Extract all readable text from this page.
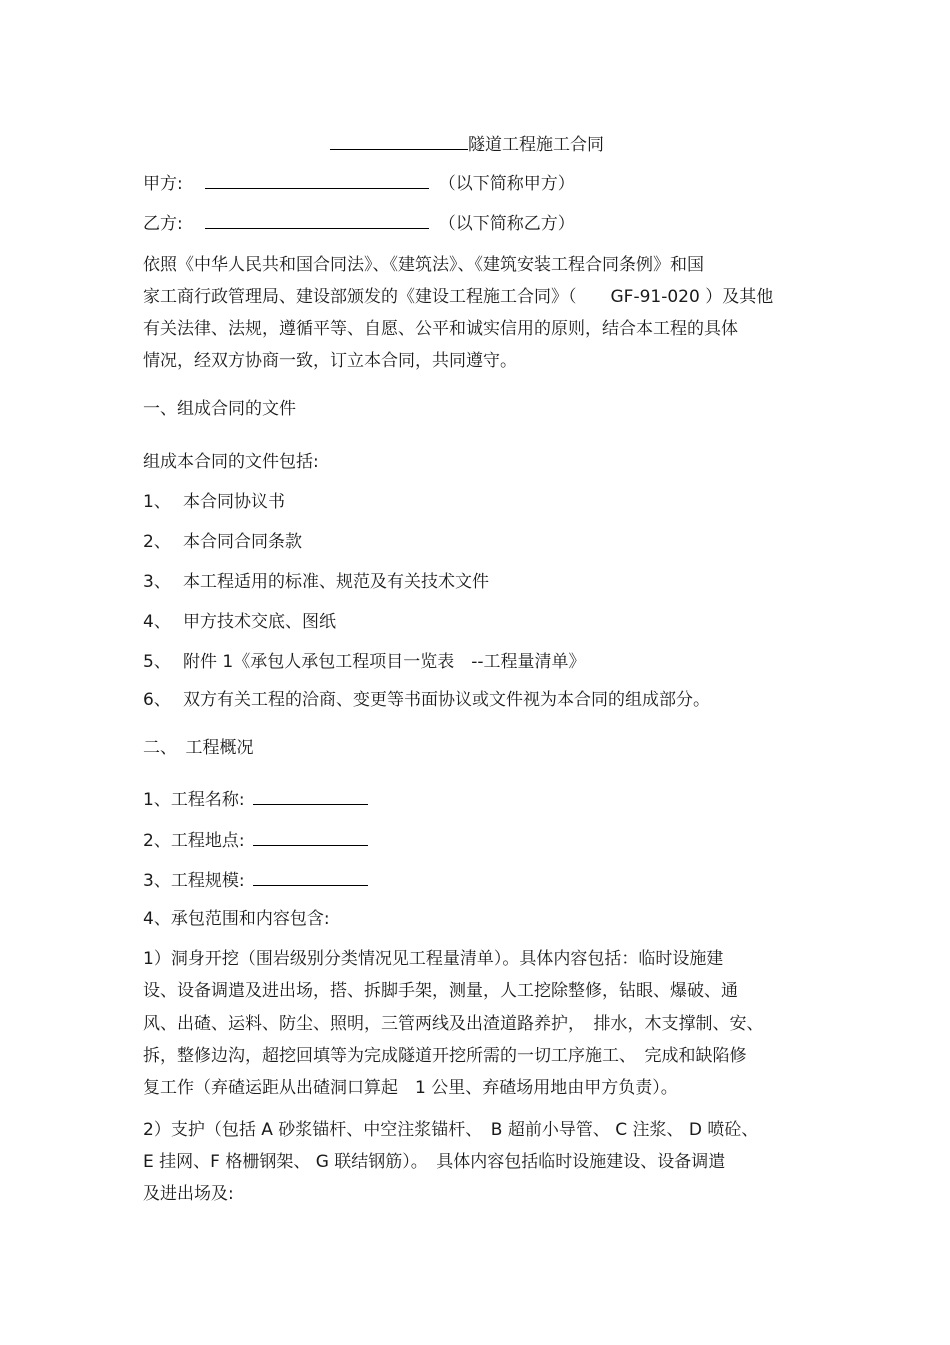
隧道工程施工合同
甲方:	（以下简称甲方）
乙方:	（以下简称乙方）
依照《中华人民共和国合同法》、《建筑法》、《建筑安装工程合同条例》和国
家工商行政管理局、建设部颁发的《建设工程施工合同》（　　GF-91-020 ）及其他
有关法律、法规，遵循平等、自愿、公平和诚实信用的原则，结合本工程的具体
情况，经双方协商一致，订立本合同，共同遵守。
一、组成合同的文件
组成本合同的文件包括:
1、 本合同协议书
2、 本合同合同条款
3、 本工程适用的标准、规范及有关技术文件
4、 甲方技术交底、图纸
5、 附件 1《承包人承包工程项目一览表　--工程量清单》
6、 双方有关工程的洽商、变更等书面协议或文件视为本合同的组成部分。
二、　工程概况
1、工程名称:
2、工程地点:
3、工程规模:
4、承包范围和内容包含:
1）洞身开挖（围岩级别分类情况见工程量清单）。具体内容包括：临时设施建
设、设备调遣及进出场，搭、拆脚手架，测量，人工挖除整修，钻眼、爆破、通
风、出碴、运料、防尘、照明，三管两线及出渣道路养护，　排水，木支撑制、安、
拆，整修边沟，超挖回填等为完成隧道开挖所需的一切工序施工、　完成和缺陷修
复工作（弃碴运距从出碴洞口算起　1 公里、弃碴场用地由甲方负责）。
2）支护（包括 A 砂浆锚杆、中空注浆锚杆、　B 超前小导管、 C 注浆、 D 喷砼、
E 挂网、F 格栅钢架、 G 联结钢筋）。　具体内容包括临时设施建设、设备调遣
及进出场及:
